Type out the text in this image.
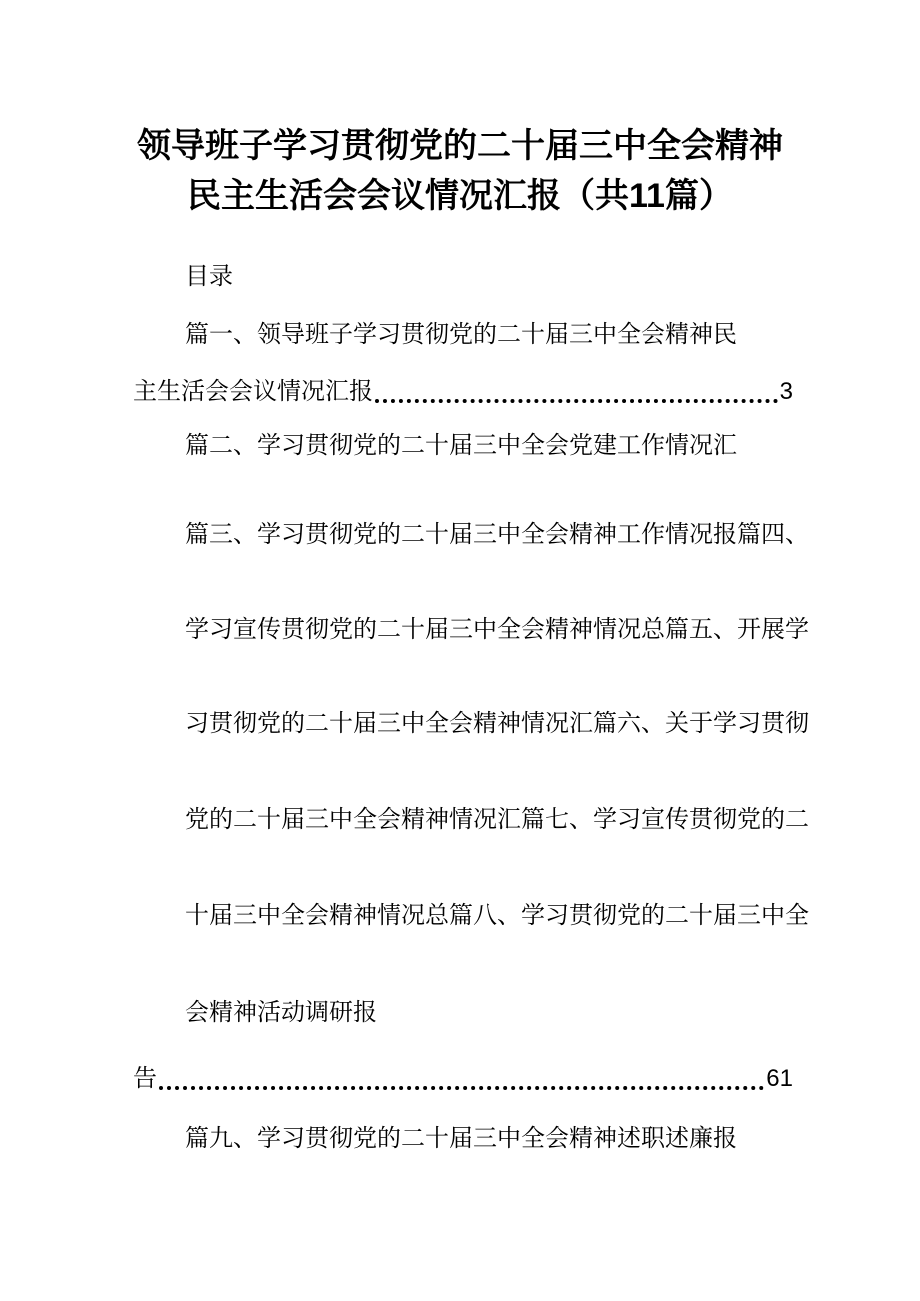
领导班子学习贯彻党的二十届三中全会精神
民主生活会会议情况汇报（共11篇）
目录
篇一、领导班子学习贯彻党的二十届三中全会精神民
主生活会会议情况汇报	3
篇二、学习贯彻党的二十届三中全会党建工作情况汇
篇三、学习贯彻党的二十届三中全会精神工作情况报篇四、
学习宣传贯彻党的二十届三中全会精神情况总篇五、开展学
习贯彻党的二十届三中全会精神情况汇篇六、关于学习贯彻
党的二十届三中全会精神情况汇篇七、学习宣传贯彻党的二
十届三中全会精神情况总篇八、学习贯彻党的二十届三中全
会精神活动调研报
告	61
篇九、学习贯彻党的二十届三中全会精神述职述廉报
